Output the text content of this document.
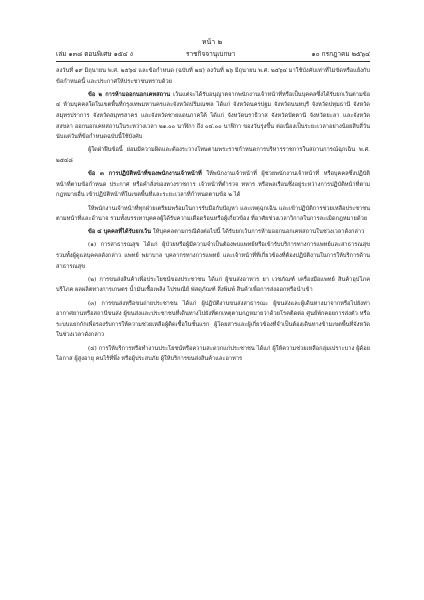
หน้า ๒
เล่ม ๑๓๘ ตอนพิเศษ ๑๕๔ ง	ราชกิจจานุเบกษา	๑๐ กรกฎาคม ๒๕๖๔

ลงวันที่ ๑๙ มิถุนายน พ.ศ. ๒๕๖๔ และข้อกำหนด (ฉบับที่ ๒๔) ลงวันที่ ๒๖ มิถุนายน พ.ศ. ๒๕๖๔ มาใช้บังคับเท่าที่ไม่ขัดหรือแย้งกับข้อกำหนดนี้ และประกาศให้ประชาชนทราบด้วย

ข้อ ๒ การห้ามออกนอกเคหสถาน เว้นแต่จะได้รับอนุญาตจากพนักงานเจ้าหน้าที่หรือเป็นบุคคลซึ่งได้รับยกเว้นตามข้อ ๔ ห้ามบุคคลใดในเขตพื้นที่กรุงเทพมหานครและจังหวัดปริมณฑล ได้แก่ จังหวัดนครปฐม จังหวัดนนทบุรี จังหวัดปทุมธานี จังหวัดสมุทรปราการ จังหวัดสมุทรสาคร และจังหวัดชายแดนภาคใต้ ได้แก่ จังหวัดนราธิวาส จังหวัดปัตตานี จังหวัดยะลา และจังหวัดสงขลา ออกนอกเคหสถานในระหว่างเวลา ๒๑.๐๐ นาฬิกา ถึง ๐๔.๐๐ นาฬิกา ของวันรุ่งขึ้น ต่อเนื่องเป็นระยะเวลาอย่างน้อยสิบสี่วันนับแต่วันที่ข้อกำหนดฉบับนี้ใช้บังคับ

ผู้ใดฝ่าฝืนข้อนี้ ย่อมมีความผิดและต้องระวางโทษตามพระราชกำหนดการบริหารราชการในสถานการณ์ฉุกเฉิน พ.ศ. ๒๕๔๘

ข้อ ๓ การปฏิบัติหน้าที่ของพนักงานเจ้าหน้าที่ ให้พนักงานเจ้าหน้าที่ ผู้ช่วยพนักงานเจ้าหน้าที่ หรือบุคคลซึ่งปฏิบัติหน้าที่ตามข้อกำหนด ประกาศ หรือคำสั่งของทางราชการ เจ้าหน้าที่ตำรวจ ทหาร หรือพลเรือนซึ่งอยู่ระหว่างการปฏิบัติหน้าที่ตามกฎหมายอื่น เข้าปฏิบัติหน้าที่ในเขตพื้นที่และระยะเวลาที่กำหนดตามข้อ ๒ ได้

ให้พนักงานเจ้าหน้าที่ทุกฝ่ายเตรียมพร้อมในการรับมือกับปัญหา และเหตุฉุกเฉิน และเข้าปฏิบัติการช่วยเหลือประชาชนตามหน้าที่และอำนาจ รวมทั้งบรรเทาบุคคลผู้ได้รับความเดือดร้อนหรือผู้เกี่ยวข้อง ที่อาศัยช่วงเวลาวิกาลในการละเมิดกฎหมายด้วย

ข้อ ๔ บุคคลที่ได้รับยกเว้น ให้บุคคลตามกรณีดังต่อไปนี้ ได้รับยกเว้นการห้ามออกนอกเคหสถานในช่วงเวลาดังกล่าว

(๑) การสาธารณสุข ได้แก่ ผู้ป่วยหรือผู้มีความจำเป็นต้องพบแพทย์หรือเข้ารับบริการทางการแพทย์และสาธารณสุขรวมทั้งผู้ดูแลบุคคลดังกล่าว แพทย์ พยาบาล บุคลากรทางการแพทย์ และเจ้าหน้าที่ที่เกี่ยวข้องที่ต้องปฏิบัติงานในการให้บริการด้านสาธารณสุข

(๒) การขนส่งสินค้าเพื่อประโยชน์ของประชาชน ได้แก่ ผู้ขนส่งอาหาร ยา เวชภัณฑ์ เครื่องมือแพทย์ สินค้าอุปโภคบริโภค ผลผลิตทางการเกษตร น้ำมันเชื้อเพลิง ไปรษณีย์ พัสดุภัณฑ์ สิ่งพิมพ์ สินค้าเพื่อการส่งออกหรือนำเข้า

(๓) การขนส่งหรือขนถ่ายประชาชน ได้แก่ ผู้ปฏิบัติงานขนส่งสาธารณะ ผู้ขนส่งและผู้เดินทางมาจากหรือไปยังท่าอากาศยานหรือสถานีขนส่ง ผู้ขนส่งและประชาชนที่เดินทางไปยังที่ตกเหตุตามกฎหมายว่าด้วยโรคติดต่อ ศูนย์พักคอยการส่งตัว หรือระบบแยกกักเพื่อรองรับการให้ความช่วยเหลือผู้ติดเชื้อในชั้นแรก ผู้โดยสารและผู้เกี่ยวข้องที่จำเป็นต้องเดินทางข้ามเขตพื้นที่จังหวัดในช่วงเวลาดังกล่าว

(๔) การให้บริการหรือทำงานประโยชน์หรือความสะดวกแก่ประชาชน ได้แก่ ผู้ให้ความช่วยเหลือกลุ่มเปราะบาง ผู้ด้อยโอกาส ผู้สูงอายุ คนไร้ที่พึ่ง หรือผู้ประสบภัย ผู้ให้บริการขนส่งสินค้าและอาหาร
